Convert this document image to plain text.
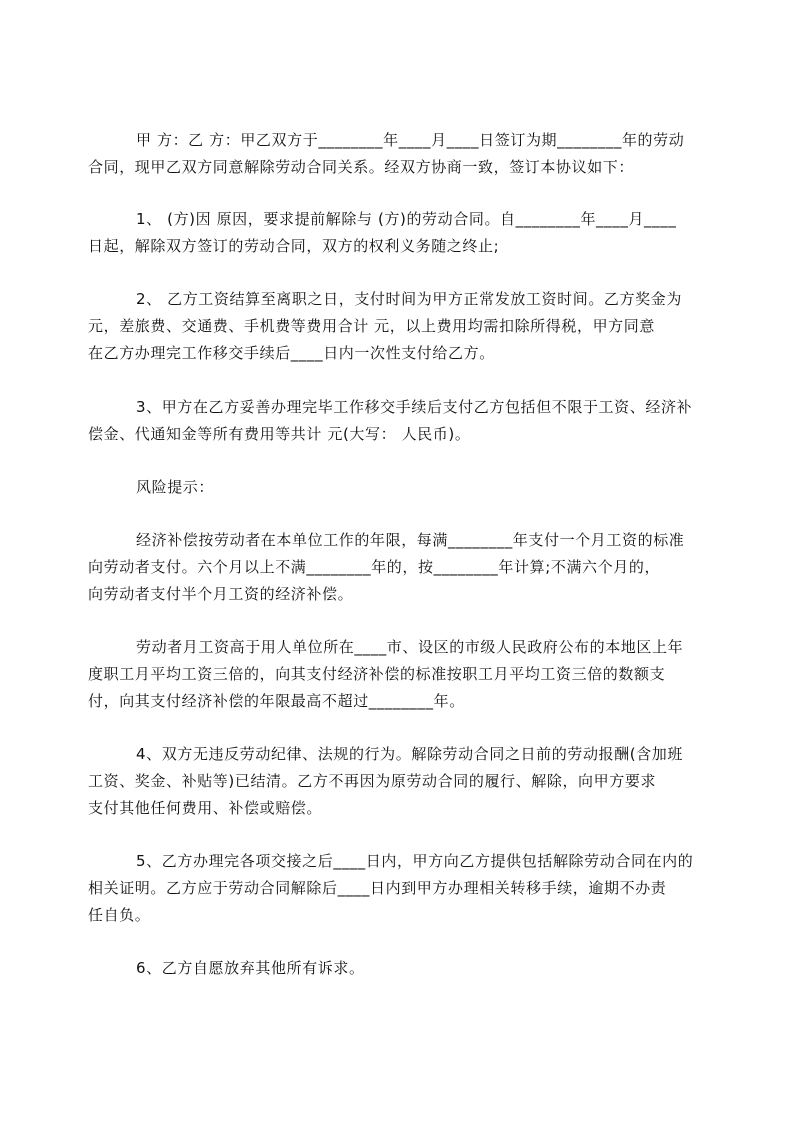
甲 方：乙 方：甲乙双方于________年____月____日签订为期________年的劳动
合同，现甲乙双方同意解除劳动合同关系。经双方协商一致，签订本协议如下：
1、 (方)因 原因，要求提前解除与 (方)的劳动合同。自________年____月____
日起，解除双方签订的劳动合同，双方的权利义务随之终止;
2、 乙方工资结算至离职之日，支付时间为甲方正常发放工资时间。乙方奖金为
元，差旅费、交通费、手机费等费用合计 元，以上费用均需扣除所得税，甲方同意
在乙方办理完工作移交手续后____日内一次性支付给乙方。
3、甲方在乙方妥善办理完毕工作移交手续后支付乙方包括但不限于工资、经济补
偿金、代通知金等所有费用等共计 元(大写： 人民币)。
风险提示：
经济补偿按劳动者在本单位工作的年限，每满________年支付一个月工资的标准
向劳动者支付。六个月以上不满________年的，按________年计算;不满六个月的，
向劳动者支付半个月工资的经济补偿。
劳动者月工资高于用人单位所在____市、设区的市级人民政府公布的本地区上年
度职工月平均工资三倍的，向其支付经济补偿的标准按职工月平均工资三倍的数额支
付，向其支付经济补偿的年限最高不超过________年。
4、双方无违反劳动纪律、法规的行为。解除劳动合同之日前的劳动报酬(含加班
工资、奖金、补贴等)已结清。乙方不再因为原劳动合同的履行、解除，向甲方要求
支付其他任何费用、补偿或赔偿。
5、乙方办理完各项交接之后____日内，甲方向乙方提供包括解除劳动合同在内的
相关证明。乙方应于劳动合同解除后____日内到甲方办理相关转移手续，逾期不办责
任自负。
6、乙方自愿放弃其他所有诉求。
